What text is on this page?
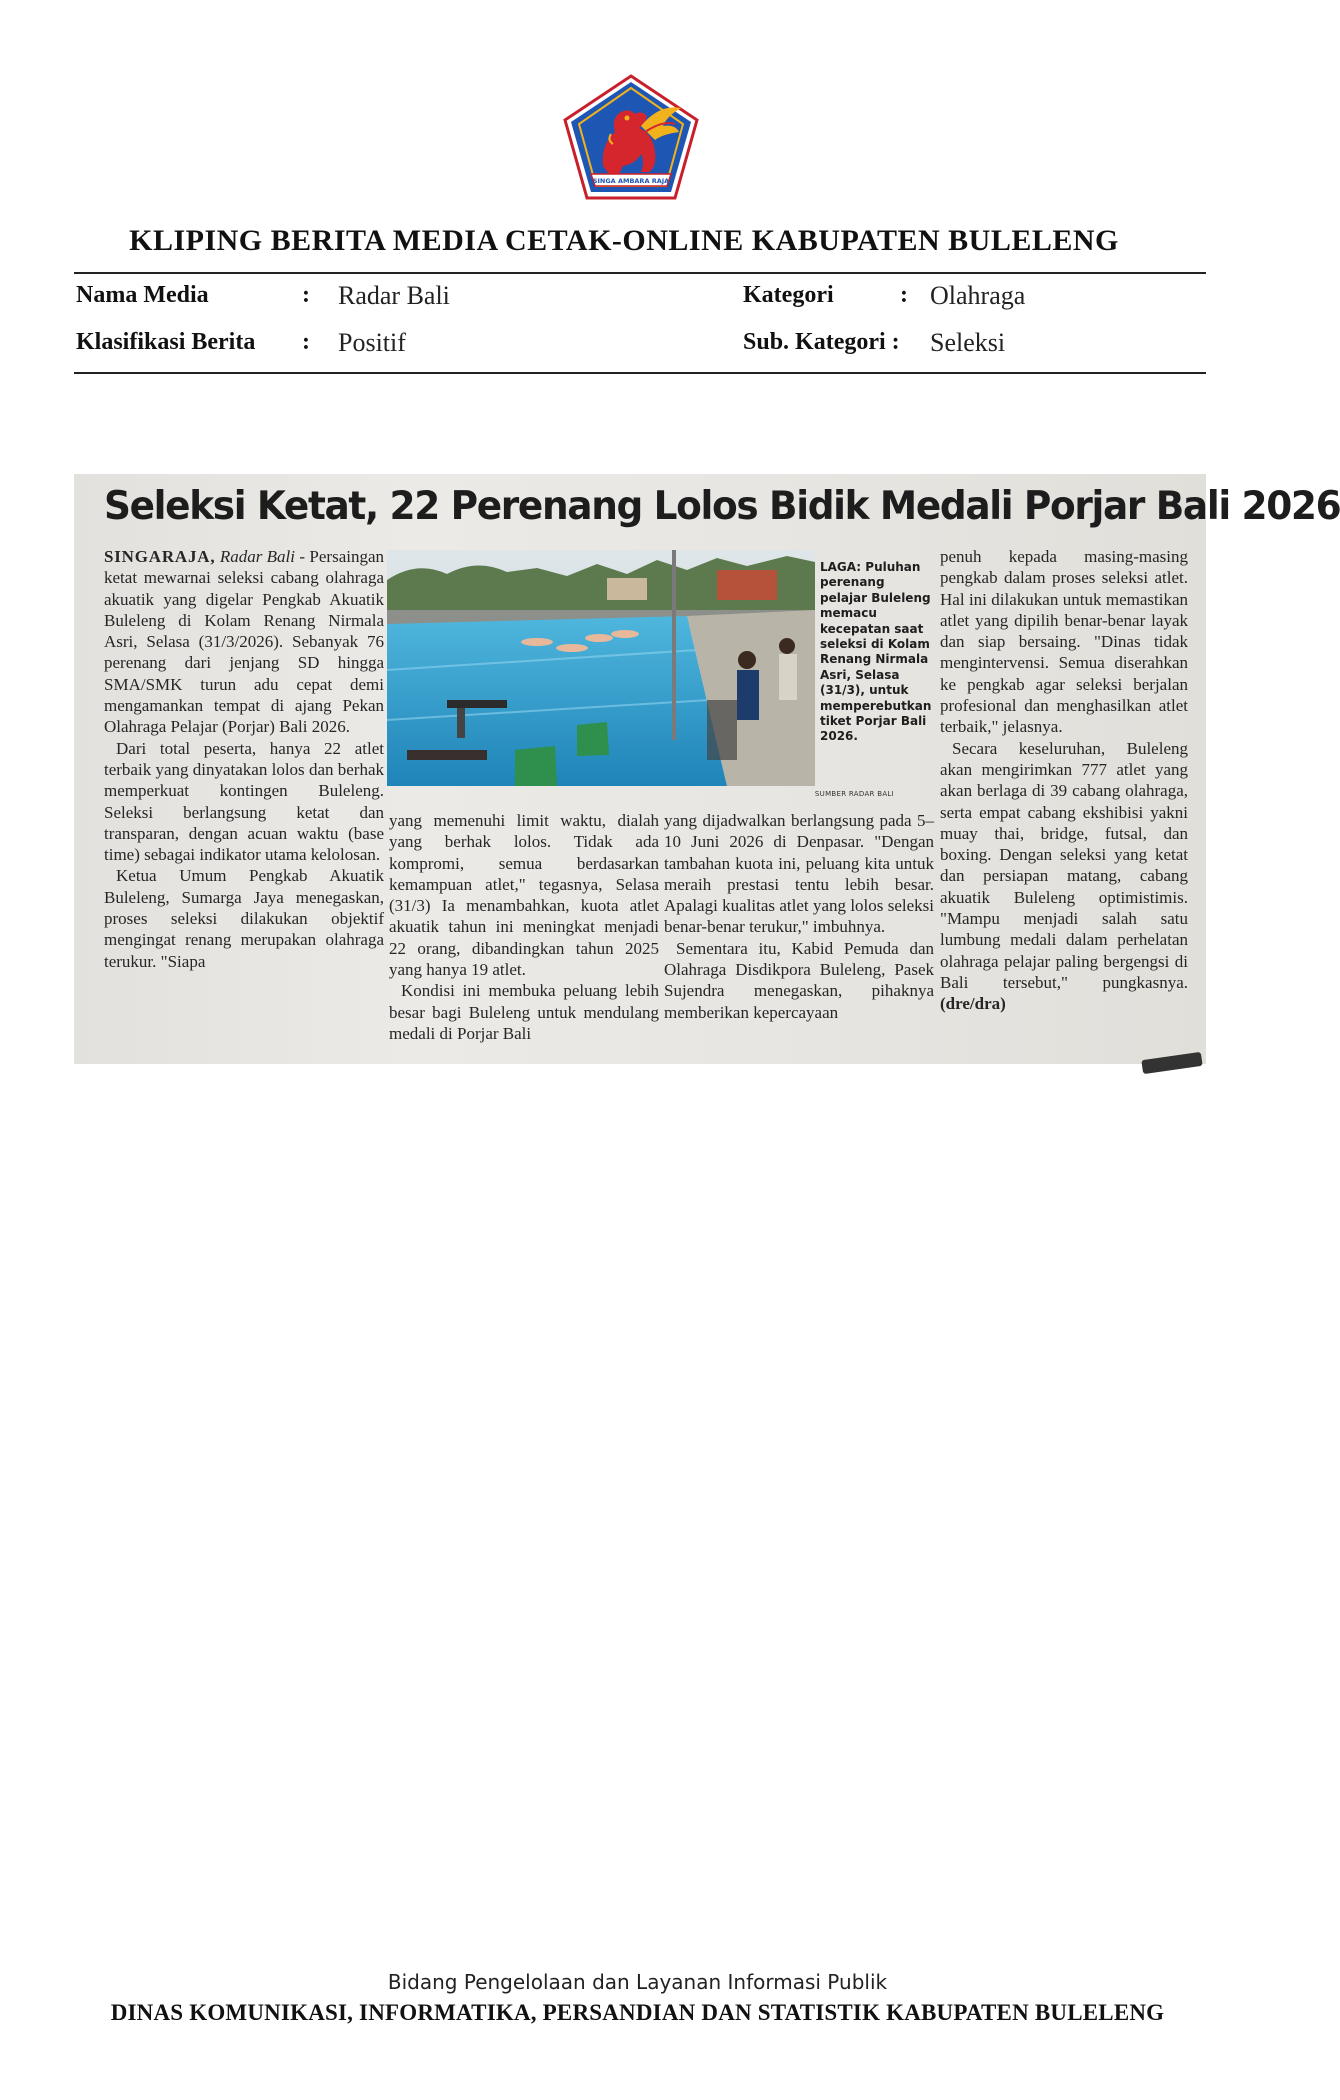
SINGA AMBARA RAJA
KLIPING BERITA MEDIA CETAK-ONLINE KABUPATEN BULELENG
Nama Media	: Radar Bali	Kategori	: Olahraga
Klasifikasi Berita : Positif	Sub. Kategori : Seleksi
Seleksi Ketat, 22 Perenang Lolos Bidik Medali Porjar Bali 2026

SINGARAJA, Radar Bali - Persaingan ketat mewarnai seleksi cabang olahraga akuatik yang digelar Pengkab Akuatik Buleleng di Kolam Renang Nirmala Asri, Selasa (31/3/2026). Sebanyak 76 perenang dari jenjang SD hingga SMA/SMK turun adu cepat demi mengamankan tempat di ajang Pekan Olahraga Pelajar (Porjar) Bali 2026.

Dari total peserta, hanya 22 atlet terbaik yang dinyatakan lolos dan berhak memperkuat kontingen Buleleng. Seleksi berlangsung ketat dan transparan, dengan acuan waktu (base time) sebagai indikator utama kelolosan.

Ketua Umum Pengkab Akuatik Buleleng, Sumarga Jaya menegaskan, proses seleksi dilakukan objektif mengingat renang merupakan olahraga terukur. "Siapa

LAGA: Puluhan perenang pelajar Buleleng memacu kecepatan saat seleksi di Kolam Renang Nirmala Asri, Selasa (31/3), untuk memperebutkan tiket Porjar Bali 2026.
SUMBER RADAR BALI

yang memenuhi limit waktu, dialah yang berhak lolos. Tidak ada kompromi, semua berdasarkan kemampuan atlet," tegasnya, Selasa (31/3) Ia menambahkan, kuota atlet akuatik tahun ini meningkat menjadi 22 orang, dibandingkan tahun 2025 yang hanya 19 atlet.

Kondisi ini membuka peluang lebih besar bagi Buleleng untuk mendulang medali di Porjar Bali

yang dijadwalkan berlangsung pada 5–10 Juni 2026 di Denpasar. "Dengan tambahan kuota ini, peluang kita untuk meraih prestasi tentu lebih besar. Apalagi kualitas atlet yang lolos seleksi benar-benar terukur," imbuhnya.

Sementara itu, Kabid Pemuda dan Olahraga Disdikpora Buleleng, Pasek Sujendra menegaskan, pihaknya memberikan kepercayaan

penuh kepada masing-masing pengkab dalam proses seleksi atlet. Hal ini dilakukan untuk memastikan atlet yang dipilih benar-benar layak dan siap bersaing. "Dinas tidak mengintervensi. Semua diserahkan ke pengkab agar seleksi berjalan profesional dan menghasilkan atlet terbaik," jelasnya.

Secara keseluruhan, Buleleng akan mengirimkan 777 atlet yang akan berlaga di 39 cabang olahraga, serta empat cabang ekshibisi yakni muay thai, bridge, futsal, dan boxing. Dengan seleksi yang ketat dan persiapan matang, cabang akuatik Buleleng optimistimis. "Mampu menjadi salah satu lumbung medali dalam perhelatan olahraga pelajar paling bergengsi di Bali tersebut," pungkasnya. (dre/dra)

Bidang Pengelolaan dan Layanan Informasi Publik
DINAS KOMUNIKASI, INFORMATIKA, PERSANDIAN DAN STATISTIK KABUPATEN BULELENG
